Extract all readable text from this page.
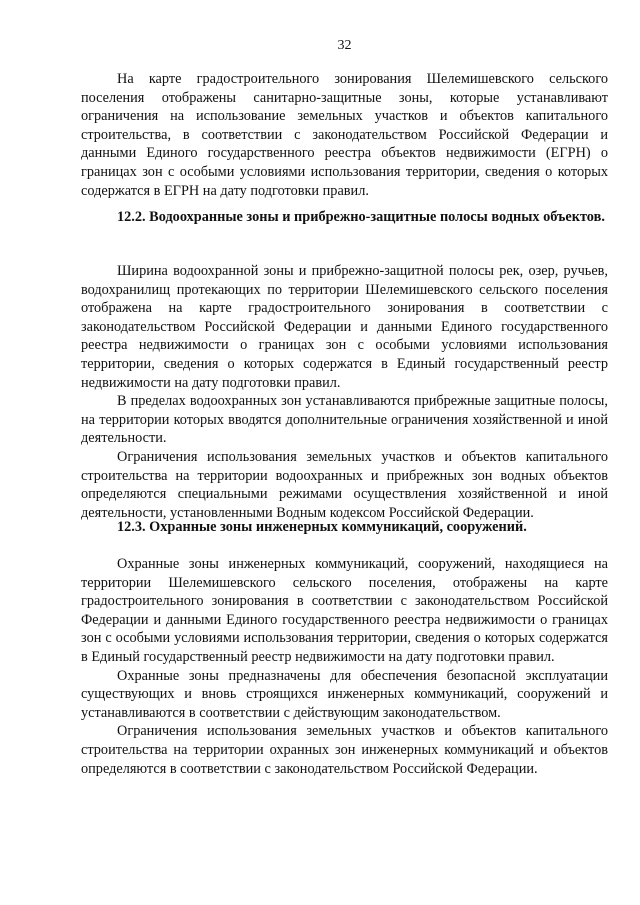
32

На карте градостроительного зонирования Шелемишевского сельского поселения отображены санитарно-защитные зоны, которые устанавливают ограничения на использование земельных участков и объектов капитального строительства, в соответствии с законодательством Российской Федерации и данными Единого государственного реестра объектов недвижимости (ЕГРН) о границах зон с особыми условиями использования территории, сведения о которых содержатся в ЕГРН на дату подготовки правил.

12.2. Водоохранные зоны и прибрежно-защитные полосы водных объектов.

Ширина водоохранной зоны и прибрежно-защитной полосы рек, озер, ручьев, водохранилищ протекающих по территории Шелемишевского сельского поселения отображена на карте градостроительного зонирования в соответствии с законодательством Российской Федерации и данными Единого государственного реестра недвижимости о границах зон с особыми условиями использования территории, сведения о которых содержатся в Единый государственный реестр недвижимости на дату подготовки правил.

В пределах водоохранных зон устанавливаются прибрежные защитные полосы, на территории которых вводятся дополнительные ограничения хозяйственной и иной деятельности.

Ограничения использования земельных участков и объектов капитального строительства на территории водоохранных и прибрежных зон водных объектов определяются специальными режимами осуществления хозяйственной и иной деятельности, установленными Водным кодексом Российской Федерации.

12.3. Охранные зоны инженерных коммуникаций, сооружений.

Охранные зоны инженерных коммуникаций, сооружений, находящиеся на территории Шелемишевского сельского поселения, отображены на карте градостроительного зонирования в соответствии с законодательством Российской Федерации и данными Единого государственного реестра недвижимости о границах зон с особыми условиями использования территории, сведения о которых содержатся в Единый государственный реестр недвижимости на дату подготовки правил.

Охранные зоны предназначены для обеспечения безопасной эксплуатации существующих и вновь строящихся инженерных коммуникаций, сооружений и устанавливаются в соответствии с действующим законодательством.

Ограничения использования земельных участков и объектов капитального строительства на территории охранных зон инженерных коммуникаций и объектов определяются в соответствии с законодательством Российской Федерации.
